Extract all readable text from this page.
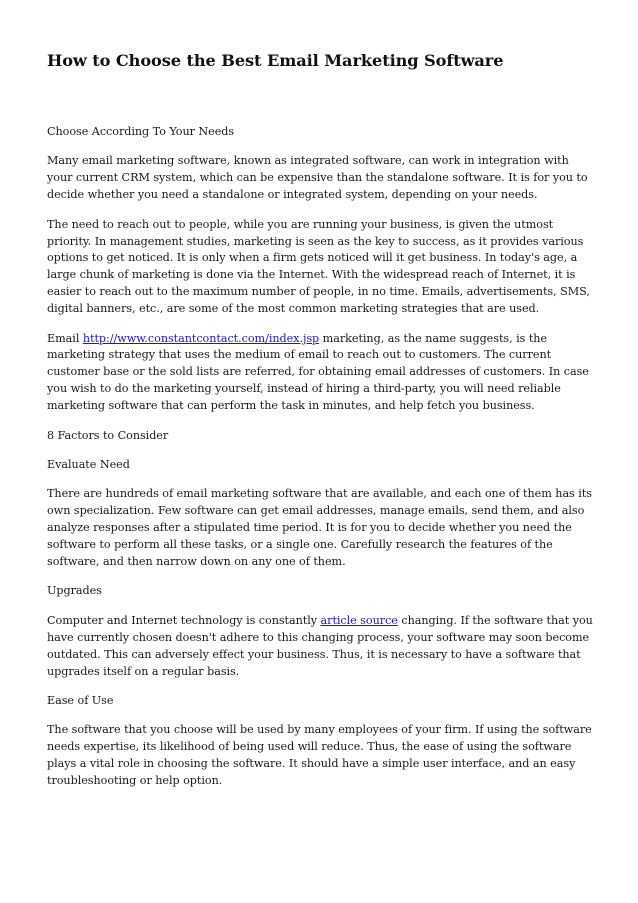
How to Choose the Best Email Marketing Software

Choose According To Your Needs

Many email marketing software, known as integrated software, can work in integration with your current CRM system, which can be expensive than the standalone software. It is for you to decide whether you need a standalone or integrated system, depending on your needs.

The need to reach out to people, while you are running your business, is given the utmost priority. In management studies, marketing is seen as the key to success, as it provides various options to get noticed. It is only when a firm gets noticed will it get business. In today's age, a large chunk of marketing is done via the Internet. With the widespread reach of Internet, it is easier to reach out to the maximum number of people, in no time. Emails, advertisements, SMS, digital banners, etc., are some of the most common marketing strategies that are used.

Email http://www.constantcontact.com/index.jsp marketing, as the name suggests, is the marketing strategy that uses the medium of email to reach out to customers. The current customer base or the sold lists are referred, for obtaining email addresses of customers. In case you wish to do the marketing yourself, instead of hiring a third-party, you will need reliable marketing software that can perform the task in minutes, and help fetch you business.

8 Factors to Consider

Evaluate Need

There are hundreds of email marketing software that are available, and each one of them has its own specialization. Few software can get email addresses, manage emails, send them, and also analyze responses after a stipulated time period. It is for you to decide whether you need the software to perform all these tasks, or a single one. Carefully research the features of the software, and then narrow down on any one of them.

Upgrades

Computer and Internet technology is constantly article source changing. If the software that you have currently chosen doesn't adhere to this changing process, your software may soon become outdated. This can adversely effect your business. Thus, it is necessary to have a software that upgrades itself on a regular basis.

Ease of Use

The software that you choose will be used by many employees of your firm. If using the software needs expertise, its likelihood of being used will reduce. Thus, the ease of using the software plays a vital role in choosing the software. It should have a simple user interface, and an easy troubleshooting or help option.
